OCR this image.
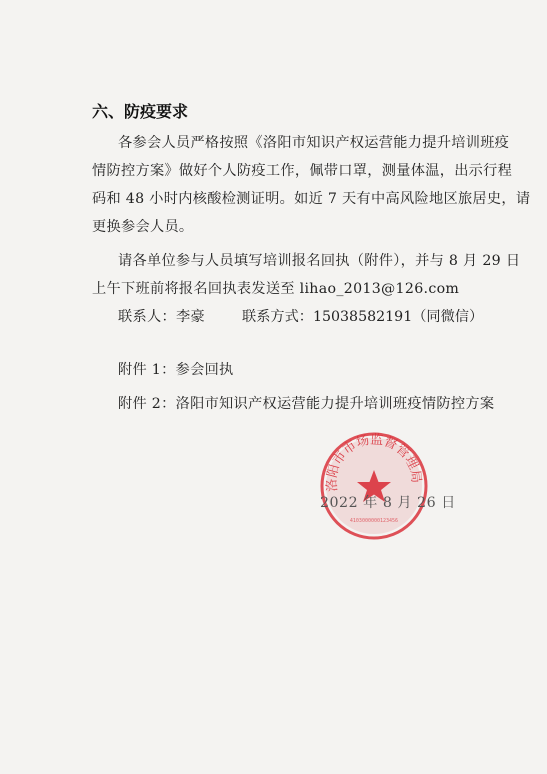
六、防疫要求
各参会人员严格按照《洛阳市知识产权运营能力提升培训班疫
情防控方案》做好个人防疫工作，佩带口罩，测量体温，出示行程
码和 48 小时内核酸检测证明。如近 7 天有中高风险地区旅居史，请
更换参会人员。
请各单位参与人员填写培训报名回执（附件），并与 8 月 29 日
上午下班前将报名回执表发送至 lihao_2013@126.com
联系人：李豪	联系方式：15038582191（同微信）
附件 1：参会回执
附件 2：洛阳市知识产权运营能力提升培训班疫情防控方案
洛阳市市场监督管理局
4103000000123456
2022 年 8 月 26 日
